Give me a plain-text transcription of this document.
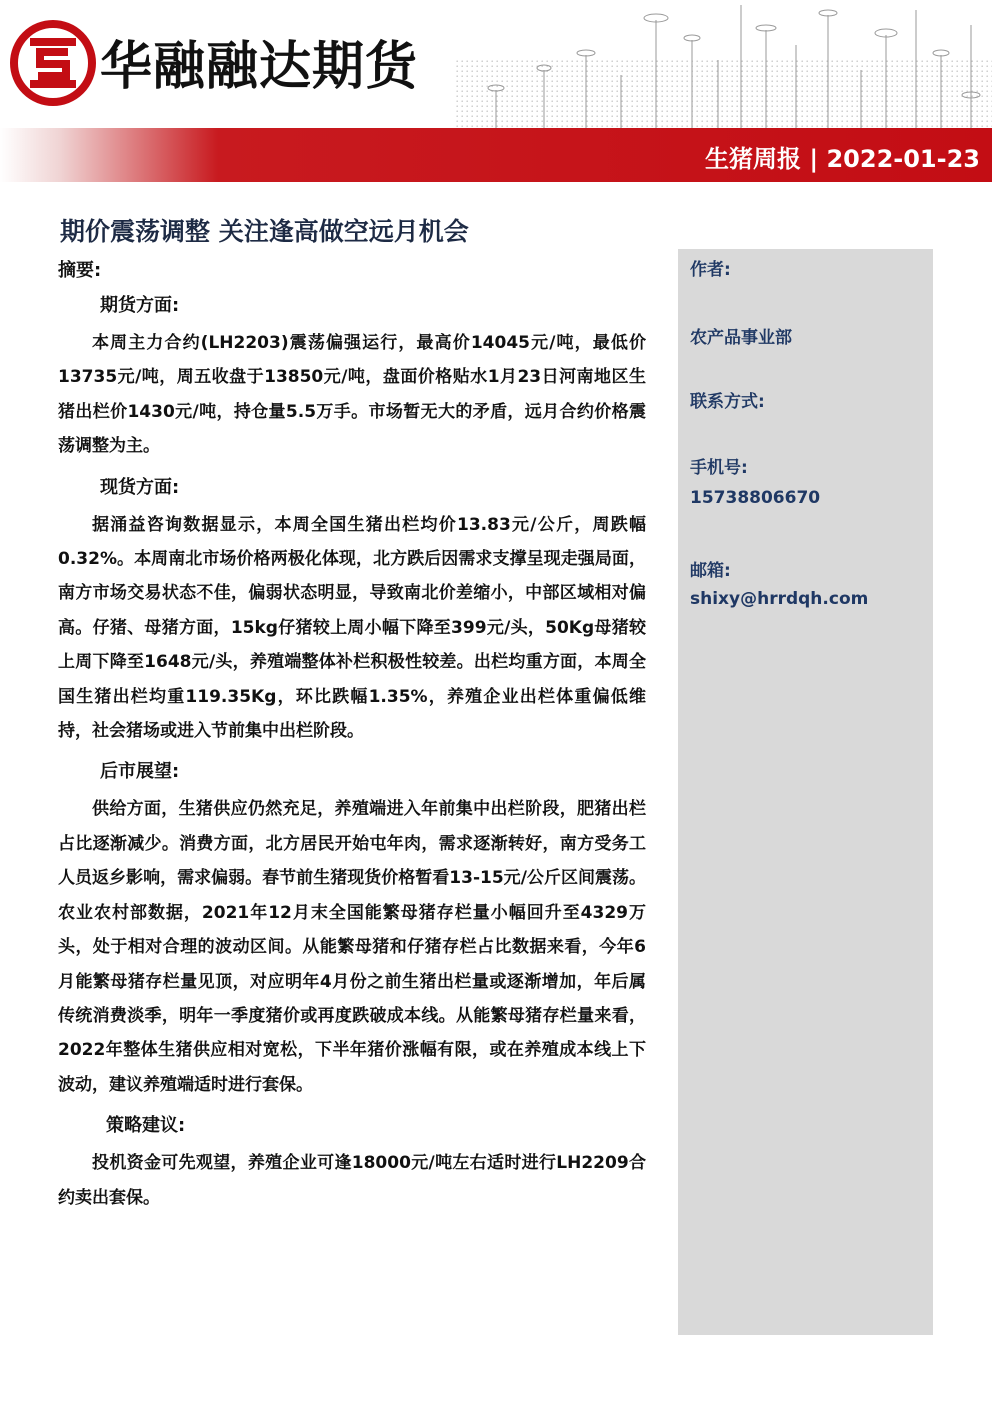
华融融达期货
生猪周报 | 2022-01-23
期价震荡调整 关注逢高做空远月机会
摘要:
期货方面:

本周主力合约(LH2203)震荡偏强运行，最高价14045元/吨，最低价13735元/吨，周五收盘于13850元/吨，盘面价格贴水1月23日河南地区生猪出栏价1430元/吨，持仓量5.5万手。市场暂无大的矛盾，远月合约价格震荡调整为主。

现货方面:

据涌益咨询数据显示，本周全国生猪出栏均价13.83元/公斤，周跌幅0.32%。本周南北市场价格两极化体现，北方跌后因需求支撑呈现走强局面，南方市场交易状态不佳，偏弱状态明显，导致南北价差缩小，中部区域相对偏高。仔猪、母猪方面，15kg仔猪较上周小幅下降至399元/头，50Kg母猪较上周下降至1648元/头，养殖端整体补栏积极性较差。出栏均重方面，本周全国生猪出栏均重119.35Kg，环比跌幅1.35%，养殖企业出栏体重偏低维持，社会猪场或进入节前集中出栏阶段。

后市展望:

供给方面，生猪供应仍然充足，养殖端进入年前集中出栏阶段，肥猪出栏占比逐渐减少。消费方面，北方居民开始屯年肉，需求逐渐转好，南方受务工人员返乡影响，需求偏弱。春节前生猪现货价格暂看13-15元/公斤区间震荡。农业农村部数据，2021年12月末全国能繁母猪存栏量小幅回升至4329万头，处于相对合理的波动区间。从能繁母猪和仔猪存栏占比数据来看，今年6月能繁母猪存栏量见顶，对应明年4月份之前生猪出栏量或逐渐增加，年后属传统消费淡季，明年一季度猪价或再度跌破成本线。从能繁母猪存栏量来看，2022年整体生猪供应相对宽松，下半年猪价涨幅有限，或在养殖成本线上下波动，建议养殖端适时进行套保。

策略建议:

投机资金可先观望，养殖企业可逢18000元/吨左右适时进行LH2209合约卖出套保。

作者:
农产品事业部
联系方式:
手机号:
15738806670
邮箱:
shixy@hrrdqh.com
